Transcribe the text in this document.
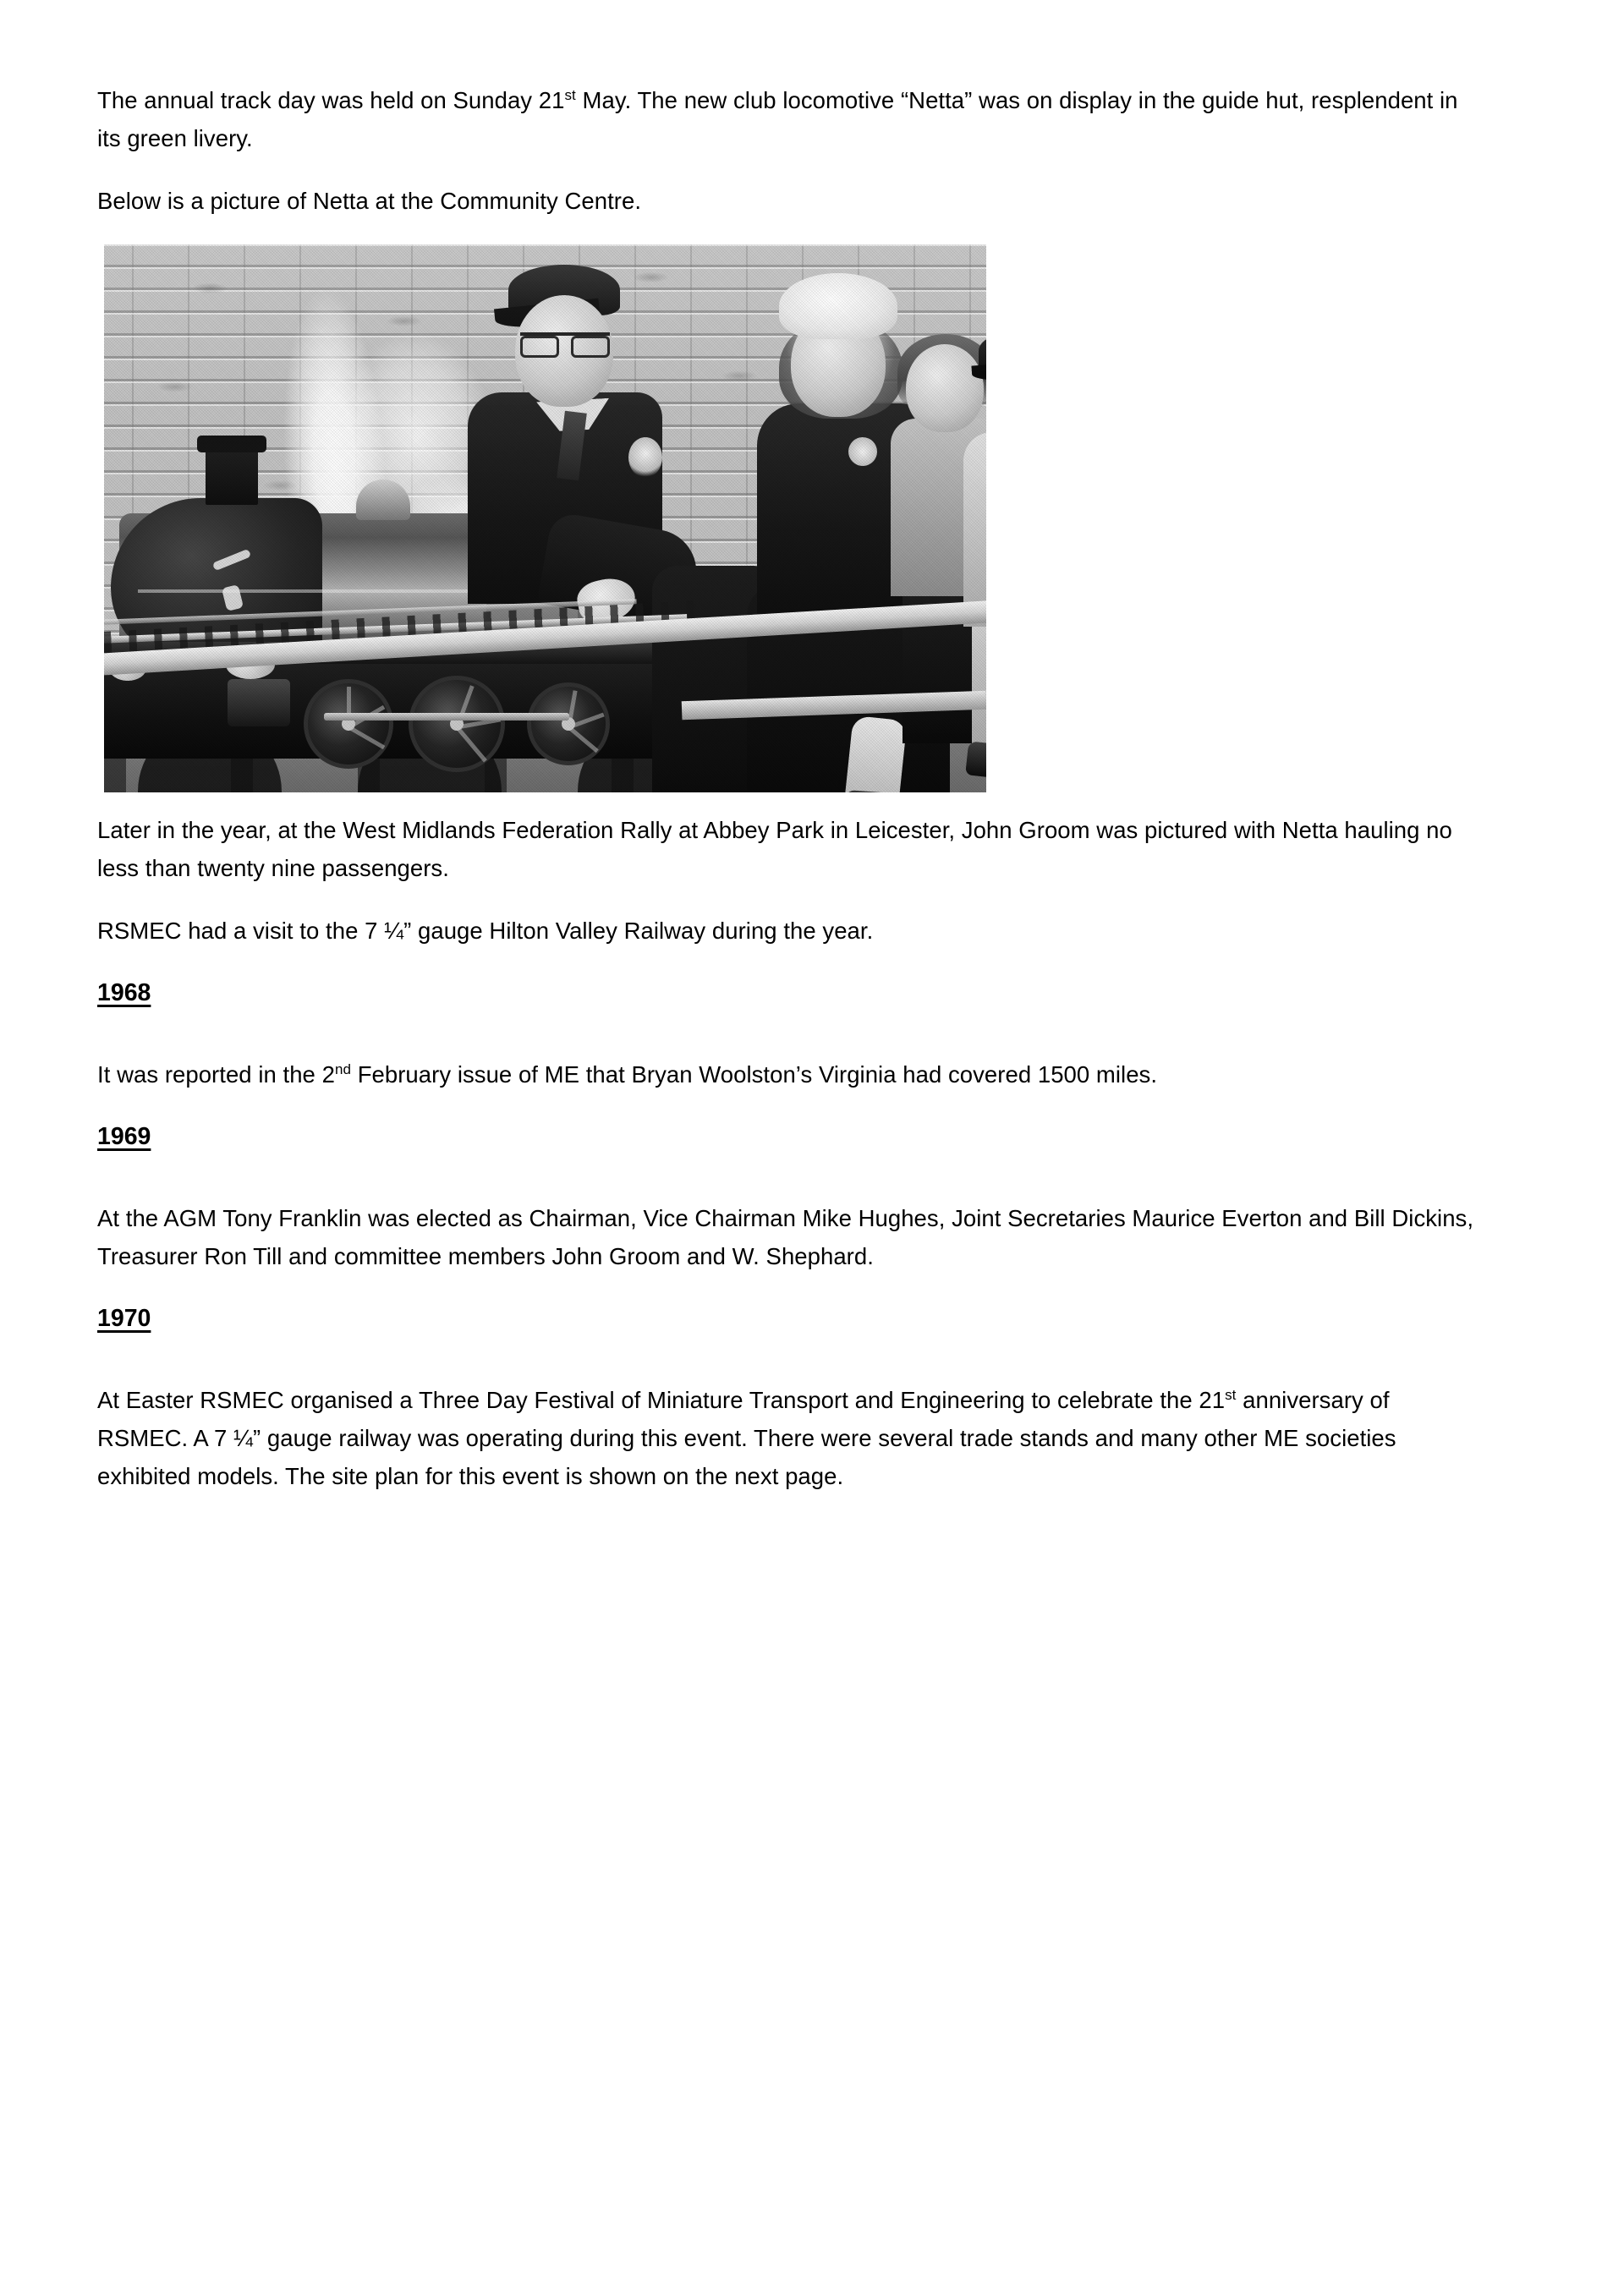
The annual track day was held on Sunday 21st May. The new club locomotive “Netta” was on display in the guide hut, resplendent in its green livery.

Below is a picture of Netta at the Community Centre.

Later in the year, at the West Midlands Federation Rally at Abbey Park in Leicester, John Groom was pictured with Netta hauling no less than twenty nine passengers.

RSMEC had a visit to the 7 ¼” gauge Hilton Valley Railway during the year.

1968

It was reported in the 2nd February issue of ME that Bryan Woolston’s Virginia had covered 1500 miles.

1969

At the AGM Tony Franklin was elected as Chairman, Vice Chairman Mike Hughes, Joint Secretaries Maurice Everton and Bill Dickins, Treasurer Ron Till and committee members John Groom and W. Shephard.

1970

At Easter RSMEC organised a Three Day Festival of Miniature Transport and Engineering to celebrate the 21st anniversary of RSMEC. A 7 ¼” gauge railway was operating during this event. There were several trade stands and many other ME societies exhibited models. The site plan for this event is shown on the next page.
